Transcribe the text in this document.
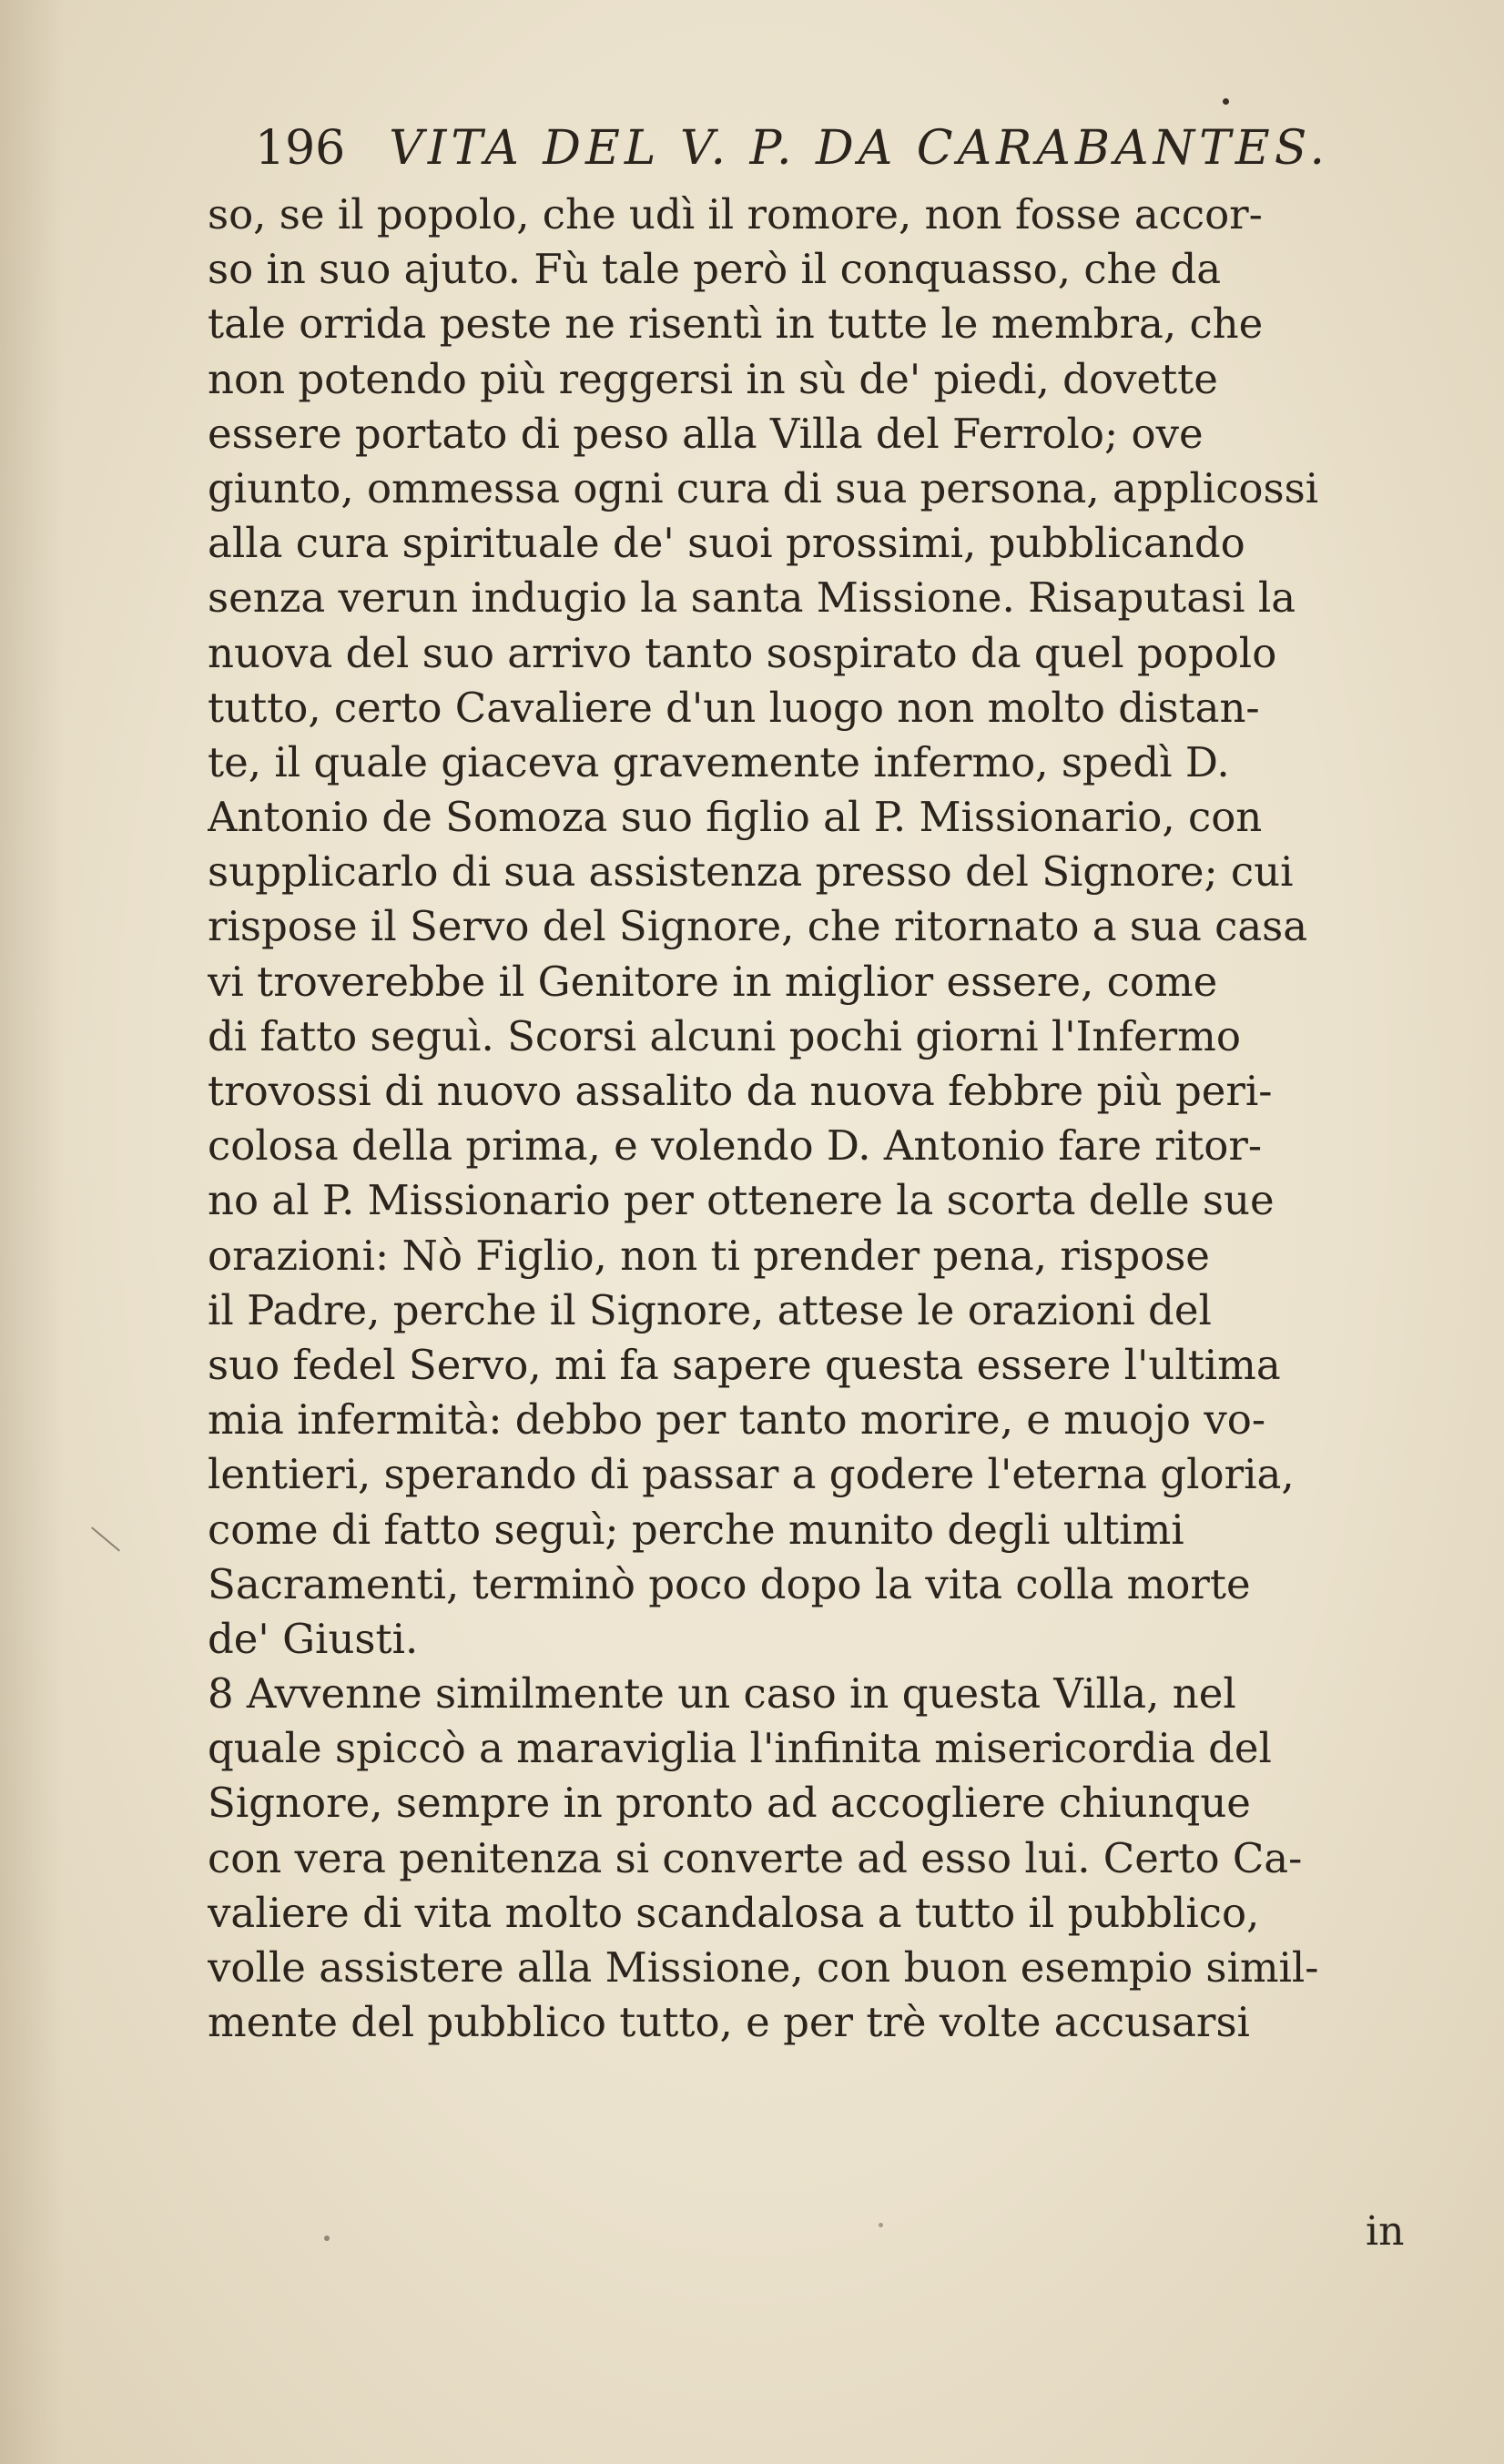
196 VITA DEL V. P. DA CARABANTES.
so, se il popolo, che udì il romore, non fosse accor-
so in suo ajuto. Fù tale però il conquasso, che da
tale orrida peste ne risentì in tutte le membra, che
non potendo più reggersi in sù de' piedi, dovette
essere portato di peso alla Villa del Ferrolo; ove
giunto, ommessa ogni cura di sua persona, applicossi
alla cura spirituale de' suoi prossimi, pubblicando
senza verun indugio la santa Missione. Risaputasi la
nuova del suo arrivo tanto sospirato da quel popolo
tutto, certo Cavaliere d'un luogo non molto distan-
te, il quale giaceva gravemente infermo, spedì D.
Antonio de Somoza suo figlio al P. Missionario, con
supplicarlo di sua assistenza presso del Signore; cui
rispose il Servo del Signore, che ritornato a sua casa
vi troverebbe il Genitore in miglior essere, come
di fatto seguì. Scorsi alcuni pochi giorni l'Infermo
trovossi di nuovo assalito da nuova febbre più peri-
colosa della prima, e volendo D. Antonio fare ritor-
no al P. Missionario per ottenere la scorta delle sue
orazioni: Nò Figlio, non ti prender pena, rispose
il Padre, perche il Signore, attese le orazioni del
suo fedel Servo, mi fa sapere questa essere l'ultima
mia infermità: debbo per tanto morire, e muojo vo-
lentieri, sperando di passar a godere l'eterna gloria,
come di fatto seguì; perche munito degli ultimi
Sacramenti, terminò poco dopo la vita colla morte
de' Giusti.
8 Avvenne similmente un caso in questa Villa, nel
quale spiccò a maraviglia l'infinita misericordia del
Signore, sempre in pronto ad accogliere chiunque
con vera penitenza si converte ad esso lui. Certo Ca-
valiere di vita molto scandalosa a tutto il pubblico,
volle assistere alla Missione, con buon esempio simil-
mente del pubblico tutto, e per trè volte accusarsi
in
